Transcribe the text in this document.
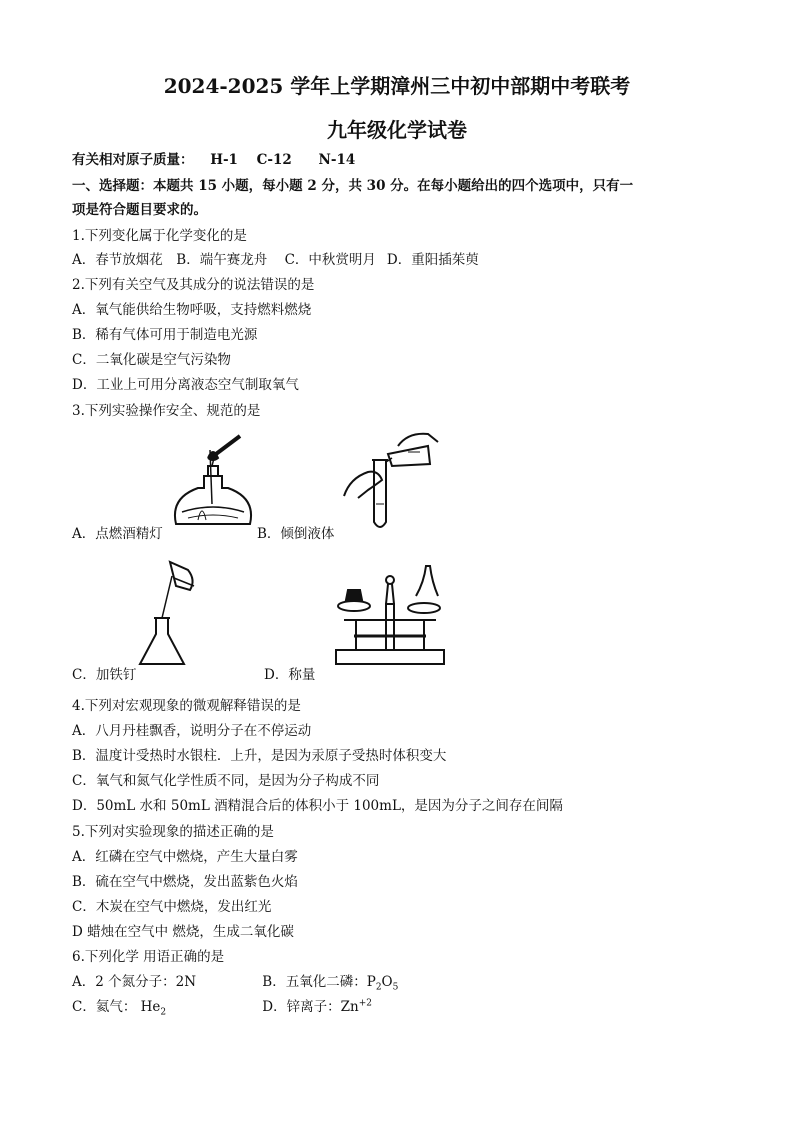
2024-2025 学年上学期漳州三中初中部期中考联考
九年级化学试卷
有关相对原子质量： H-1 C-12 N-14
一、选择题：本题共 15 小题，每小题 2 分，共 30 分。在每小题给出的四个选项中，只有一
项是符合题目要求的。
1.下列变化属于化学变化的是
A．春节放烟花 B．端午赛龙舟 C．中秋赏明月 D．重阳插茱萸
2.下列有关空气及其成分的说法错误的是
A．氧气能供给生物呼吸，支持燃料燃烧
B．稀有气体可用于制造电光源
C．二氧化碳是空气污染物
D．工业上可用分离液态空气制取氧气
3.下列实验操作安全、规范的是
A．点燃酒精灯	B．倾倒液体
C．加铁钉	D．称量
4.下列对宏观现象的微观解释错误的是
A．八月丹桂飘香，说明分子在不停运动
B．温度计受热时水银柱．上升，是因为汞原子受热时体积变大
C．氧气和氮气化学性质不同，是因为分子构成不同
D．50mL 水和 50mL 酒精混合后的体积小于 100mL，是因为分子之间存在间隔
5.下列对实验现象的描述正确的是
A．红磷在空气中燃烧，产生大量白雾
B．硫在空气中燃烧，发出蓝紫色火焰
C．木炭在空气中燃烧，发出红光
D 蜡烛在空气中 燃烧，生成二氧化碳
6.下列化学 用语正确的是
A．2 个氮分子：2N	B．五氧化二磷：$P_2O_5$
C．氦气： $He_2$	D．锌离子：$Zn^{+2}$
